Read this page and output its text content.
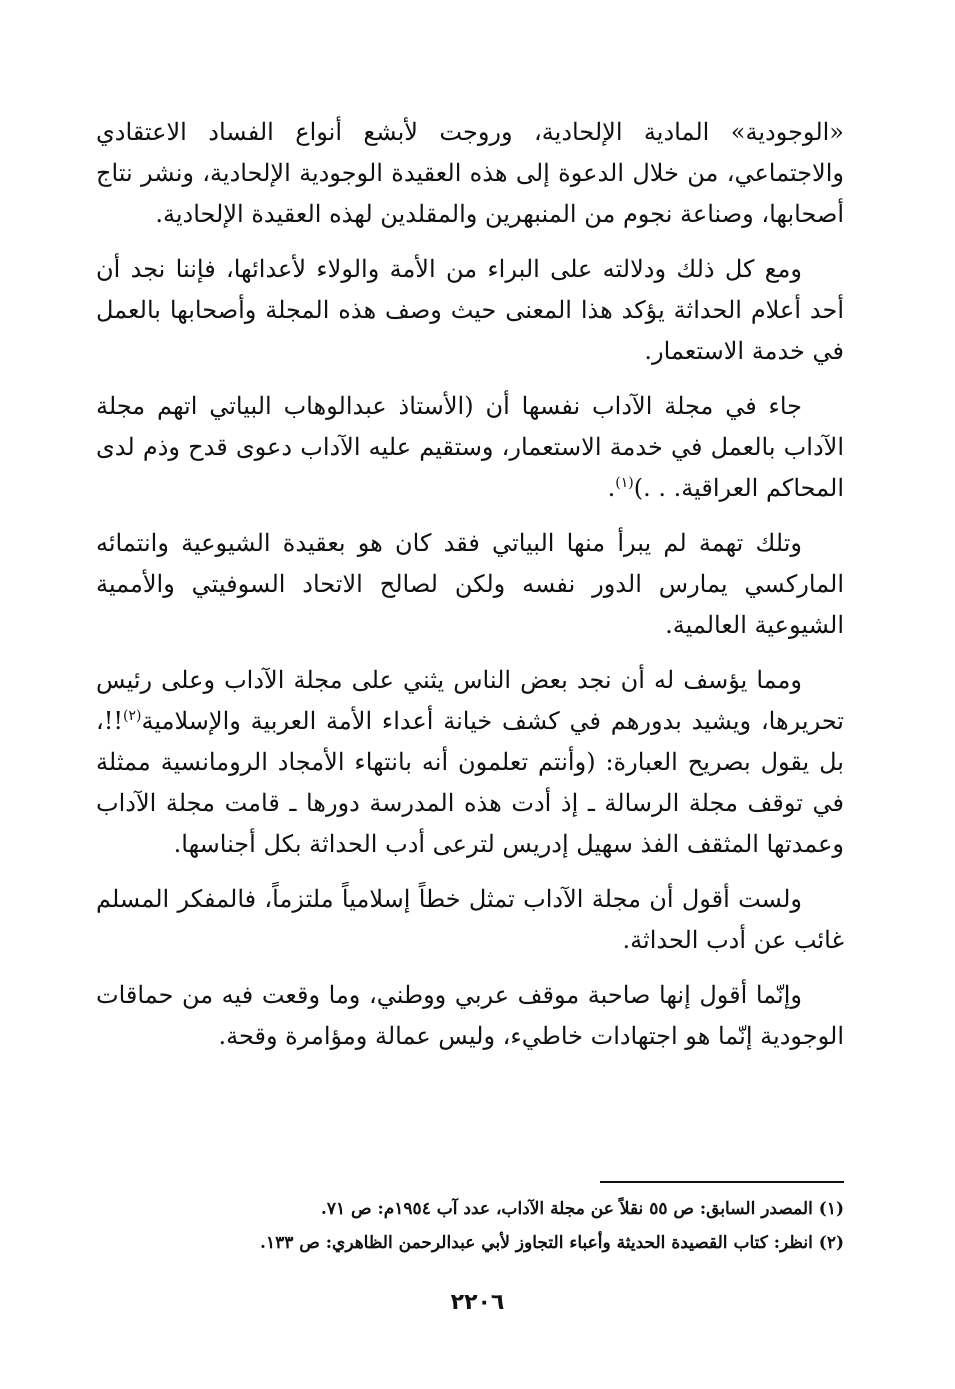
«الوجودية» المادية الإلحادية، وروجت لأبشع أنواع الفساد الاعتقادي والاجتماعي، من خلال الدعوة إلى هذه العقيدة الوجودية الإلحادية، ونشر نتاج أصحابها، وصناعة نجوم من المنبهرين والمقلدين لهذه العقيدة الإلحادية.

ومع كل ذلك ودلالته على البراء من الأمة والولاء لأعدائها، فإننا نجد أن أحد أعلام الحداثة يؤكد هذا المعنى حيث وصف هذه المجلة وأصحابها بالعمل في خدمة الاستعمار.

جاء في مجلة الآداب نفسها أن (الأستاذ عبدالوهاب البياتي اتهم مجلة الآداب بالعمل في خدمة الاستعمار، وستقيم عليه الآداب دعوى قدح وذم لدى المحاكم العراقية. . .)$^{(١)}$.

وتلك تهمة لم يبرأ منها البياتي فقد كان هو بعقيدة الشيوعية وانتمائه الماركسي يمارس الدور نفسه ولكن لصالح الاتحاد السوفيتي والأممية الشيوعية العالمية.

ومما يؤسف له أن نجد بعض الناس يثني على مجلة الآداب وعلى رئيس تحريرها، ويشيد بدورهم في كشف خيانة أعداء الأمة العربية والإسلامية$^{(٢)}$!!، بل يقول بصريح العبارة: (وأنتم تعلمون أنه بانتهاء الأمجاد الرومانسية ممثلة في توقف مجلة الرسالة ـ إذ أدت هذه المدرسة دورها ـ قامت مجلة الآداب وعمدتها المثقف الفذ سهيل إدريس لترعى أدب الحداثة بكل أجناسها.

ولست أقول أن مجلة الآداب تمثل خطاً إسلامياً ملتزماً، فالمفكر المسلم غائب عن أدب الحداثة.

وإنّما أقول إنها صاحبة موقف عربي ووطني، وما وقعت فيه من حماقات الوجودية إنّما هو اجتهادات خاطيء، وليس عمالة ومؤامرة وقحة.

(١) المصدر السابق: ص ٥٥ نقلاً عن مجلة الآداب، عدد آب ١٩٥٤م: ص ٧١.

(٢) انظر: كتاب القصيدة الحديثة وأعباء التجاوز لأبي عبدالرحمن الظاهري: ص ١٣٣.

٢٢٠٦
